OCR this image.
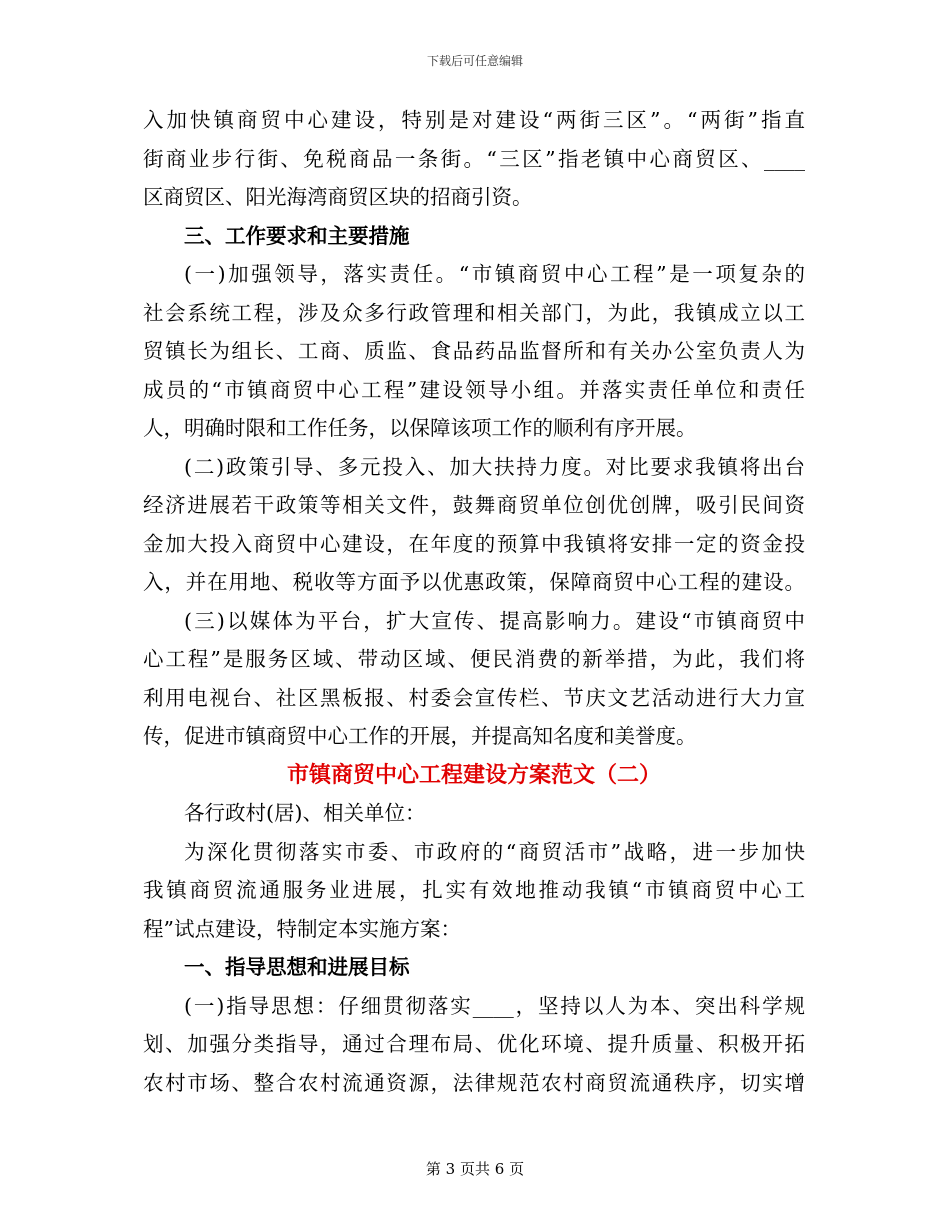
下载后可任意编辑
入加快镇商贸中心建设，特别是对建设“两街三区”。“两街”指直
街商业步行街、免税商品一条街。“三区”指老镇中心商贸区、____
区商贸区、阳光海湾商贸区块的招商引资。
三、工作要求和主要措施
(一)加强领导，落实责任。“市镇商贸中心工程”是一项复杂的
社会系统工程，涉及众多行政管理和相关部门，为此，我镇成立以工
贸镇长为组长、工商、质监、食品药品监督所和有关办公室负责人为
成员的“市镇商贸中心工程”建设领导小组。并落实责任单位和责任
人，明确时限和工作任务，以保障该项工作的顺利有序开展。
(二)政策引导、多元投入、加大扶持力度。对比要求我镇将出台
经济进展若干政策等相关文件，鼓舞商贸单位创优创牌，吸引民间资
金加大投入商贸中心建设，在年度的预算中我镇将安排一定的资金投
入，并在用地、税收等方面予以优惠政策，保障商贸中心工程的建设。
(三)以媒体为平台，扩大宣传、提高影响力。建设“市镇商贸中
心工程”是服务区域、带动区域、便民消费的新举措，为此，我们将
利用电视台、社区黑板报、村委会宣传栏、节庆文艺活动进行大力宣
传，促进市镇商贸中心工作的开展，并提高知名度和美誉度。
市镇商贸中心工程建设方案范文（二）
各行政村(居)、相关单位：
为深化贯彻落实市委、市政府的“商贸活市”战略，进一步加快
我镇商贸流通服务业进展，扎实有效地推动我镇“市镇商贸中心工
程”试点建设，特制定本实施方案：
一、指导思想和进展目标
(一)指导思想：仔细贯彻落实____，坚持以人为本、突出科学规
划、加强分类指导，通过合理布局、优化环境、提升质量、积极开拓
农村市场、整合农村流通资源，法律规范农村商贸流通秩序，切实增
第 3 页共 6 页
